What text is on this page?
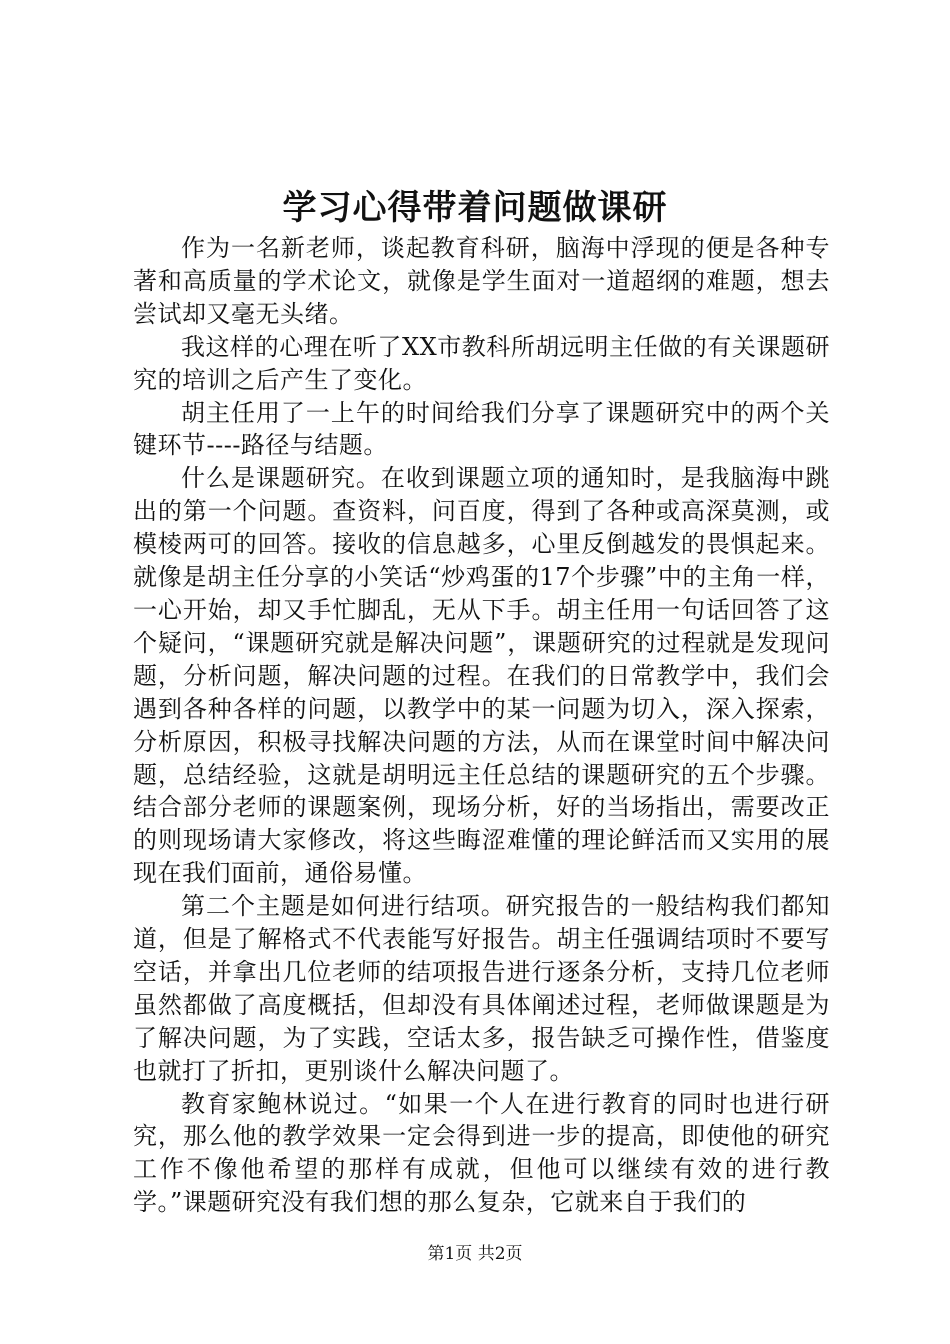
学习心得带着问题做课研

作为一名新老师，谈起教育科研，脑海中浮现的便是各种专著和高质量的学术论文，就像是学生面对一道超纲的难题，想去尝试却又毫无头绪。

我这样的心理在听了XX市教科所胡远明主任做的有关课题研究的培训之后产生了变化。

胡主任用了一上午的时间给我们分享了课题研究中的两个关键环节----路径与结题。

什么是课题研究。在收到课题立项的通知时，是我脑海中跳出的第一个问题。查资料，问百度，得到了各种或高深莫测，或模棱两可的回答。接收的信息越多，心里反倒越发的畏惧起来。就像是胡主任分享的小笑话“炒鸡蛋的17个步骤”中的主角一样，一心开始，却又手忙脚乱，无从下手。胡主任用一句话回答了这个疑问，“课题研究就是解决问题”，课题研究的过程就是发现问题，分析问题，解决问题的过程。在我们的日常教学中，我们会遇到各种各样的问题，以教学中的某一问题为切入，深入探索，分析原因，积极寻找解决问题的方法，从而在课堂时间中解决问题，总结经验，这就是胡明远主任总结的课题研究的五个步骤。结合部分老师的课题案例，现场分析，好的当场指出，需要改正的则现场请大家修改，将这些晦涩难懂的理论鲜活而又实用的展现在我们面前，通俗易懂。

第二个主题是如何进行结项。研究报告的一般结构我们都知道，但是了解格式不代表能写好报告。胡主任强调结项时不要写空话，并拿出几位老师的结项报告进行逐条分析，支持几位老师虽然都做了高度概括，但却没有具体阐述过程，老师做课题是为了解决问题，为了实践，空话太多，报告缺乏可操作性，借鉴度也就打了折扣，更别谈什么解决问题了。

教育家鲍林说过。“如果一个人在进行教育的同时也进行研究，那么他的教学效果一定会得到进一步的提高，即使他的研究工作不像他希望的那样有成就，但他可以继续有效的进行教学。”课题研究没有我们想的那么复杂，它就来自于我们的

第1页 共2页
